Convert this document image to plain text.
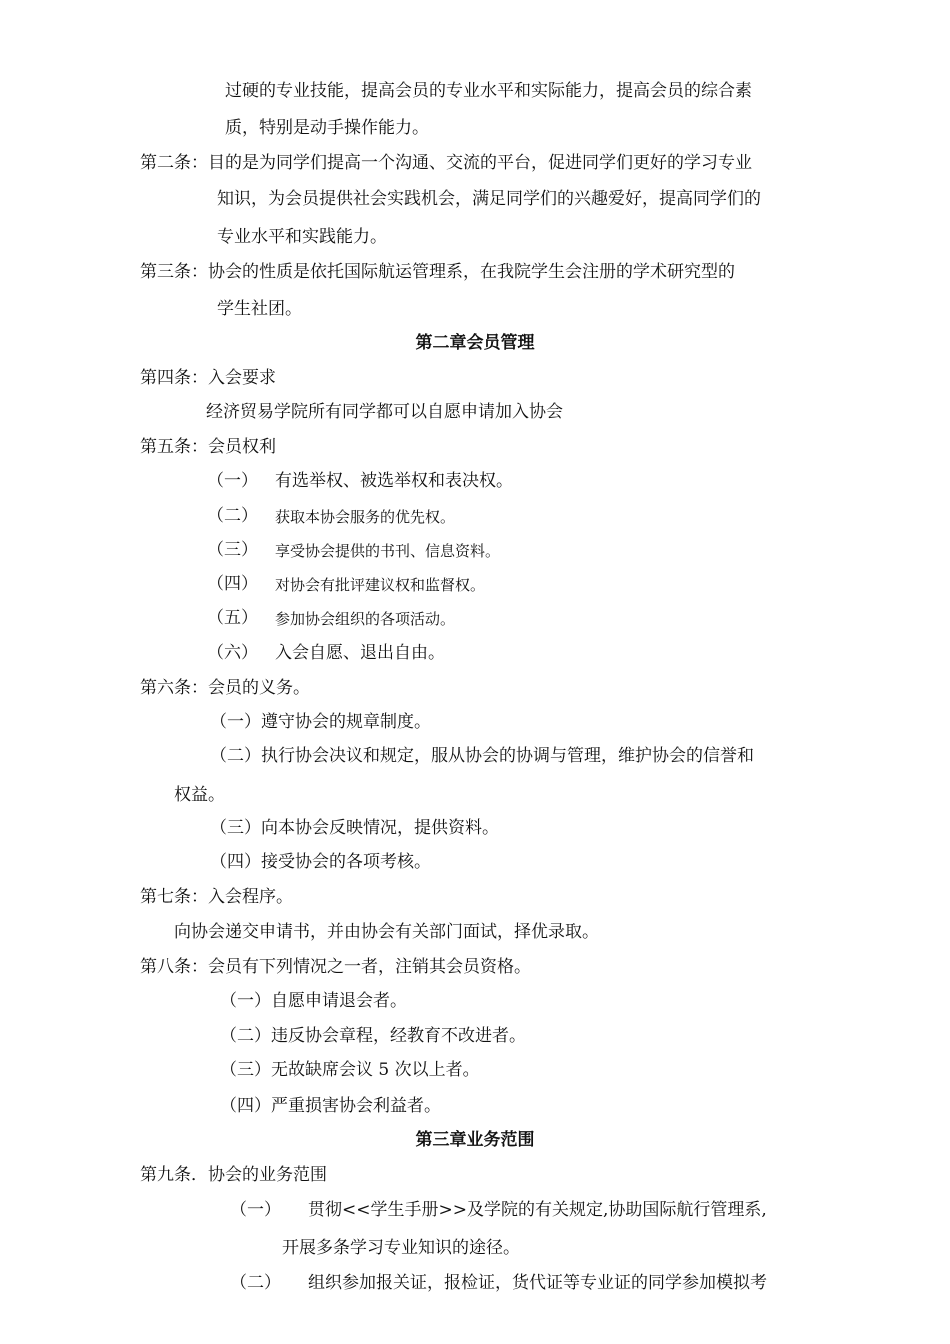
过硬的专业技能，提高会员的专业水平和实际能力，提高会员的综合素
质，特别是动手操作能力。
第二条：目的是为同学们提高一个沟通、交流的平台，促进同学们更好的学习专业
知识，为会员提供社会实践机会，满足同学们的兴趣爱好，提高同学们的
专业水平和实践能力。
第三条：协会的性质是依托国际航运管理系，在我院学生会注册的学术研究型的
学生社团。
第二章会员管理
第四条：入会要求
经济贸易学院所有同学都可以自愿申请加入协会
第五条：会员权利
（一） 有选举权、被选举权和表决权。
（二） 获取本协会服务的优先权。
（三） 享受协会提供的书刊、信息资料。
（四） 对协会有批评建议权和监督权。
（五） 参加协会组织的各项活动。
（六） 入会自愿、退出自由。
第六条：会员的义务。
（一）遵守协会的规章制度。
（二）执行协会决议和规定，服从协会的协调与管理，维护协会的信誉和
权益。
（三）向本协会反映情况，提供资料。
（四）接受协会的各项考核。
第七条：入会程序。
向协会递交申请书，并由协会有关部门面试，择优录取。
第八条：会员有下列情况之一者，注销其会员资格。
（一）自愿申请退会者。
（二）违反协会章程，经教育不改进者。
（三）无故缺席会议 5 次以上者。
（四）严重损害协会利益者。
第三章业务范围
第九条．协会的业务范围
（一） 贯彻<<学生手册>>及学院的有关规定,协助国际航行管理系,
开展多条学习专业知识的途径。
（二） 组织参加报关证，报检证，货代证等专业证的同学参加模拟考
